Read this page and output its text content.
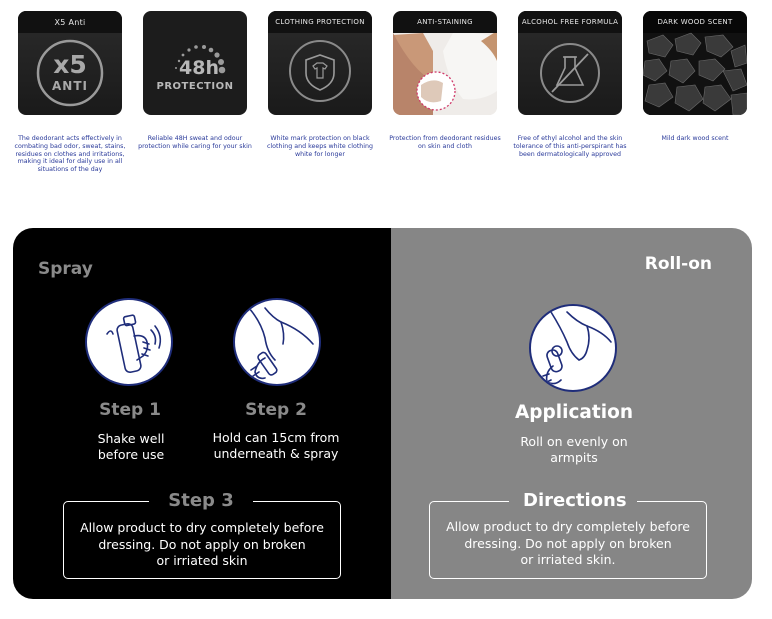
X5 Anti
x5
ANTI
The deodorant acts effectively in combating bad odor, sweat, stains, residues on clothes and irritations, making it ideal for daily use in all situations of the day
48h
PROTECTION
Reliable 48H sweat and odour protection while caring for your skin
CLOTHING PROTECTION
White mark protection on black clothing and keeps white clothing white for longer
ANTI-STAINING
Protection from deodorant residues on skin and cloth
ALCOHOL FREE FORMULA
Free of ethyl alcohol and the skin tolerance of this anti-perspirant has been dermatologically approved
DARK WOOD SCENT
Mild dark wood scent
Spray
Step 1
Shake well
before use
Step 2
Hold can 15cm from
underneath & spray
Step 3
Allow product to dry completely before
dressing. Do not apply on broken
or irriated skin
Roll-on
Application
Roll on evenly on
armpits
Directions
Allow product to dry completely before
dressing. Do not apply on broken
or irriated skin.
